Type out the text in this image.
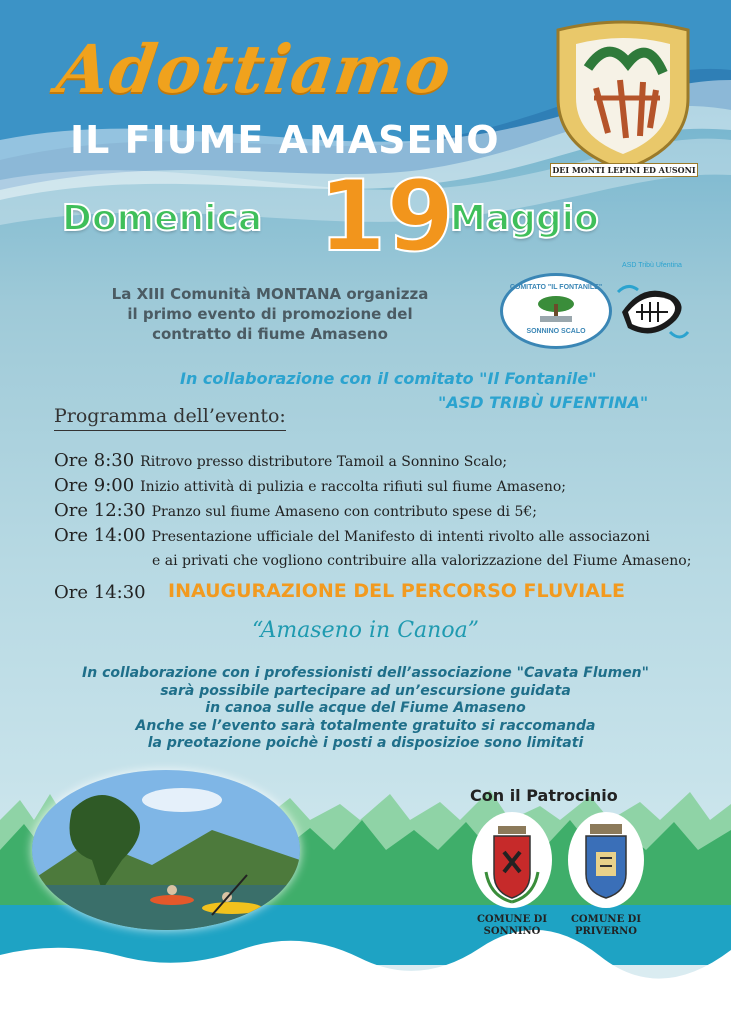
Adottiamo
IL FIUME AMASENO
DEI MONTI LEPINI ED AUSONI
Domenica 19
Maggio
La XIII Comunità MONTANA organizza
il primo evento di promozione del
contratto di fiume Amaseno
COMITATO "IL FONTANILE"
SONNINO SCALO
ASD Tribù Ufentina
In collaborazione con il comitato "Il Fontanile"
"ASD TRIBÙ UFENTINA"
Programma dell’evento:
Ore 8:30 Ritrovo presso distributore Tamoil a Sonnino Scalo;
Ore 9:00 Inizio attività di pulizia e raccolta rifiuti sul fiume Amaseno;
Ore 12:30 Pranzo sul fiume Amaseno con contributo spese di 5€;
Ore 14:00 Presentazione ufficiale del Manifesto di intenti rivolto alle associazoni
e ai privati che vogliono contribuire alla valorizzazione del Fiume Amaseno;
Ore 14:30	INAUGURAZIONE DEL PERCORSO FLUVIALE
“Amaseno in Canoa”
In collaborazione con i professionisti dell’associazione "Cavata Flumen"
sarà possibile partecipare ad un’escursione guidata
in canoa sulle acque del Fiume Amaseno
Anche se l’evento sarà totalmente gratuito si raccomanda
la preotazione poichè i posti a disposizioe sono limitati
Con il Patrocinio
COMUNE DI
SONNINO
COMUNE DI
PRIVERNO
